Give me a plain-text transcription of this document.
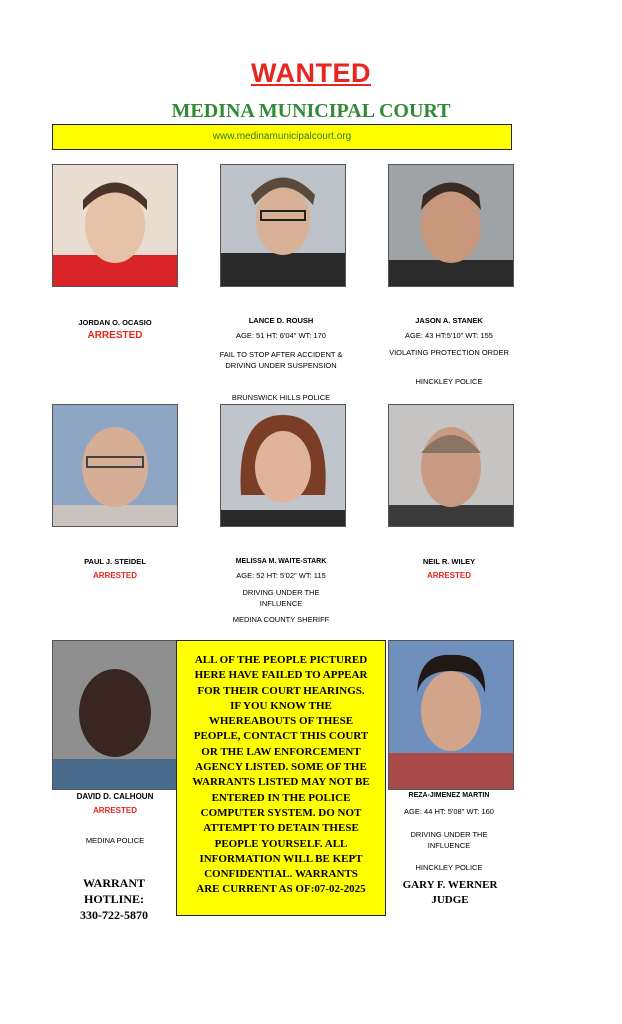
WANTED
MEDINA MUNICIPAL COURT
www.medinamunicipalcourt.org
JORDAN O. OCASIO
ARRESTED
LANCE D. ROUSH
AGE: 51 HT: 6'04" WT: 170
FAIL TO STOP AFTER ACCIDENT & DRIVING UNDER SUSPENSION
BRUNSWICK HILLS POLICE
JASON A. STANEK
AGE: 43 HT:5'10" WT: 155
VIOLATING PROTECTION ORDER
HINCKLEY POLICE
PAUL J. STEIDEL
ARRESTED
MELISSA M. WAITE-STARK
AGE: 52 HT: 5'02" WT: 115
DRIVING UNDER THE INFLUENCE
MEDINA COUNTY SHERIFF
NEIL R. WILEY
ARRESTED
DAVID D. CALHOUN
ARRESTED
MEDINA POLICE
ALL OF THE PEOPLE PICTURED
HERE HAVE FAILED TO APPEAR
FOR THEIR COURT HEARINGS.
IF YOU KNOW THE
WHEREABOUTS OF THESE
PEOPLE, CONTACT THIS COURT
OR THE LAW ENFORCEMENT
AGENCY LISTED. SOME OF THE
WARRANTS LISTED MAY NOT BE
ENTERED IN THE POLICE
COMPUTER SYSTEM. DO NOT
ATTEMPT TO DETAIN THESE
PEOPLE YOURSELF. ALL
INFORMATION WILL BE KEPT
CONFIDENTIAL. WARRANTS
ARE CURRENT AS OF:07-02-2025
REZA-JIMENEZ MARTIN
AGE: 44 HT: 5'08" WT: 160
DRIVING UNDER THE INFLUENCE
HINCKLEY POLICE
WARRANT
HOTLINE:
330-722-5870
GARY F. WERNER
JUDGE
